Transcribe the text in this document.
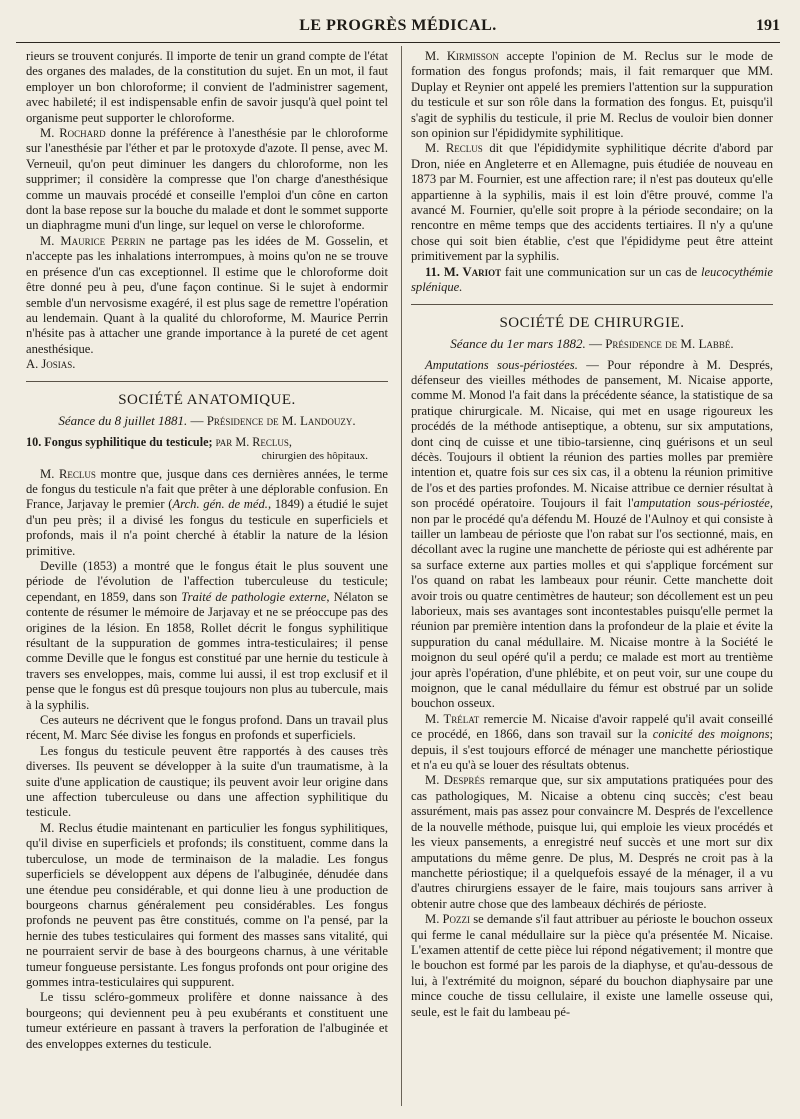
LE PROGRÈS MÉDICAL.	191

rieurs se trouvent conjurés. Il importe de tenir un grand compte de l'état des organes des malades, de la constitution du sujet. En un mot, il faut employer un bon chloroforme; il convient de l'administrer sagement, avec habileté; il est indispensable enfin de savoir jusqu'à quel point tel organisme peut supporter le chloroforme.

M. Rochard donne la préférence à l'anesthésie par le chloroforme sur l'anesthésie par l'éther et par le protoxyde d'azote. Il pense, avec M. Verneuil, qu'on peut diminuer les dangers du chloroforme, non les supprimer; il considère la compresse que l'on charge d'anesthésique comme un mauvais procédé et conseille l'emploi d'un cône en carton dont la base repose sur la bouche du malade et dont le sommet supporte un diaphragme muni d'un linge, sur lequel on verse le chloroforme.

M. Maurice Perrin ne partage pas les idées de M. Gosselin, et n'accepte pas les inhalations interrompues, à moins qu'on ne se trouve en présence d'un cas exceptionnel. Il estime que le chloroforme doit être donné peu à peu, d'une façon continue. Si le sujet à endormir semble d'un nervosisme exagéré, il est plus sage de remettre l'opération au lendemain. Quant à la qualité du chloroforme, M. Maurice Perrin n'hésite pas à attacher une grande importance à la pureté de cet agent anesthésique.

A. Josias.

SOCIÉTÉ ANATOMIQUE.
Séance du 8 juillet 1881. — Présidence de M. Landouzy.
10. Fongus syphilitique du testicule; par M. Reclus,
chirurgien des hôpitaux.

M. Reclus montre que, jusque dans ces dernières années, le terme de fongus du testicule n'a fait que prêter à une déplorable confusion. En France, Jarjavay le premier (Arch. gén. de méd., 1849) a étudié le sujet d'un peu près; il a divisé les fongus du testicule en superficiels et profonds, mais il n'a point cherché à établir la nature de la lésion primitive.

Deville (1853) a montré que le fongus était le plus souvent une période de l'évolution de l'affection tuberculeuse du testicule; cependant, en 1859, dans son Traité de pathologie externe, Nélaton se contente de résumer le mémoire de Jarjavay et ne se préoccupe pas des origines de la lésion. En 1858, Rollet décrit le fongus syphilitique résultant de la suppuration de gommes intra-testiculaires; il pense comme Deville que le fongus est constitué par une hernie du testicule à travers ses enveloppes, mais, comme lui aussi, il est trop exclusif et il pense que le fongus est dû presque toujours non plus au tubercule, mais à la syphilis.

Ces auteurs ne décrivent que le fongus profond. Dans un travail plus récent, M. Marc Sée divise les fongus en profonds et superficiels.

Les fongus du testicule peuvent être rapportés à des causes très diverses. Ils peuvent se développer à la suite d'un traumatisme, à la suite d'une application de caustique; ils peuvent avoir leur origine dans une affection tuberculeuse ou dans une affection syphilitique du testicule.

M. Reclus étudie maintenant en particulier les fongus syphilitiques, qu'il divise en superficiels et profonds; ils constituent, comme dans la tuberculose, un mode de terminaison de la maladie. Les fongus superficiels se développent aux dépens de l'albuginée, dénudée dans une étendue peu considérable, et qui donne lieu à une production de bourgeons charnus généralement peu considérables. Les fongus profonds ne peuvent pas être constitués, comme on l'a pensé, par la hernie des tubes testiculaires qui forment des masses sans vitalité, qui ne pourraient servir de base à des bourgeons charnus, à une véritable tumeur fongueuse persistante. Les fongus profonds ont pour origine des gommes intra-testiculaires qui suppurent.

Le tissu scléro-gommeux prolifère et donne naissance à des bourgeons; qui deviennent peu à peu exubérants et constituent une tumeur extérieure en passant à travers la perforation de l'albuginée et des enveloppes externes du testicule.

M. Kirmisson accepte l'opinion de M. Reclus sur le mode de formation des fongus profonds; mais, il fait remarquer que MM. Duplay et Reynier ont appelé les premiers l'attention sur la suppuration du testicule et sur son rôle dans la formation des fongus. Et, puisqu'il s'agit de syphilis du testicule, il prie M. Reclus de vouloir bien donner son opinion sur l'épididymite syphilitique.

M. Reclus dit que l'épididymite syphilitique décrite d'abord par Dron, niée en Angleterre et en Allemagne, puis étudiée de nouveau en 1873 par M. Fournier, est une affection rare; il n'est pas douteux qu'elle appartienne à la syphilis, mais il est loin d'être prouvé, comme l'a avancé M. Fournier, qu'elle soit propre à la période secondaire; on la rencontre en même temps que des accidents tertiaires. Il n'y a qu'une chose qui soit bien établie, c'est que l'épididyme peut être atteint primitivement par la syphilis.

11. M. Variot fait une communication sur un cas de leucocythémie splénique.

SOCIÉTÉ DE CHIRURGIE.
Séance du 1er mars 1882. — Présidence de M. Labbé.

Amputations sous-périostées. — Pour répondre à M. Després, défenseur des vieilles méthodes de pansement, M. Nicaise apporte, comme M. Monod l'a fait dans la précédente séance, la statistique de sa pratique chirurgicale. M. Nicaise, qui met en usage rigoureux les procédés de la méthode antiseptique, a obtenu, sur six amputations, dont cinq de cuisse et une tibio-tarsienne, cinq guérisons et un seul décès. Toujours il obtient la réunion des parties molles par première intention et, quatre fois sur ces six cas, il a obtenu la réunion primitive de l'os et des parties profondes. M. Nicaise attribue ce dernier résultat à son procédé opératoire. Toujours il fait l'amputation sous-périostée, non par le procédé qu'a défendu M. Houzé de l'Aulnoy et qui consiste à tailler un lambeau de périoste que l'on rabat sur l'os sectionné, mais, en décollant avec la rugine une manchette de périoste qui est adhérente par sa surface externe aux parties molles et qui s'applique forcément sur l'os quand on rabat les lambeaux pour réunir. Cette manchette doit avoir trois ou quatre centimètres de hauteur; son décollement est un peu laborieux, mais ses avantages sont incontestables puisqu'elle permet la réunion par première intention dans la profondeur de la plaie et évite la suppuration du canal médullaire. M. Nicaise montre à la Société le moignon du seul opéré qu'il a perdu; ce malade est mort au trentième jour après l'opération, d'une phlébite, et on peut voir, sur une coupe du moignon, que le canal médullaire du fémur est obstrué par un solide bouchon osseux.

M. Trélat remercie M. Nicaise d'avoir rappelé qu'il avait conseillé ce procédé, en 1866, dans son travail sur la conicité des moignons; depuis, il s'est toujours efforcé de ménager une manchette périostique et n'a eu qu'à se louer des résultats obtenus.

M. Després remarque que, sur six amputations pratiquées pour des cas pathologiques, M. Nicaise a obtenu cinq succès; c'est beau assurément, mais pas assez pour convaincre M. Després de l'excellence de la nouvelle méthode, puisque lui, qui emploie les vieux procédés et les vieux pansements, a enregistré neuf succès et une mort sur dix amputations du même genre. De plus, M. Després ne croit pas à la manchette périostique; il a quelquefois essayé de la ménager, il a vu d'autres chirurgiens essayer de le faire, mais toujours sans arriver à obtenir autre chose que des lambeaux déchirés de périoste.

M. Pozzi se demande s'il faut attribuer au périoste le bouchon osseux qui ferme le canal médullaire sur la pièce qu'a présentée M. Nicaise. L'examen attentif de cette pièce lui répond négativement; il montre que le bouchon est formé par les parois de la diaphyse, et qu'au-dessous de lui, à l'extrémité du moignon, séparé du bouchon diaphysaire par une mince couche de tissu cellulaire, il existe une lamelle osseuse qui, seule, est le fait du lambeau pé-
